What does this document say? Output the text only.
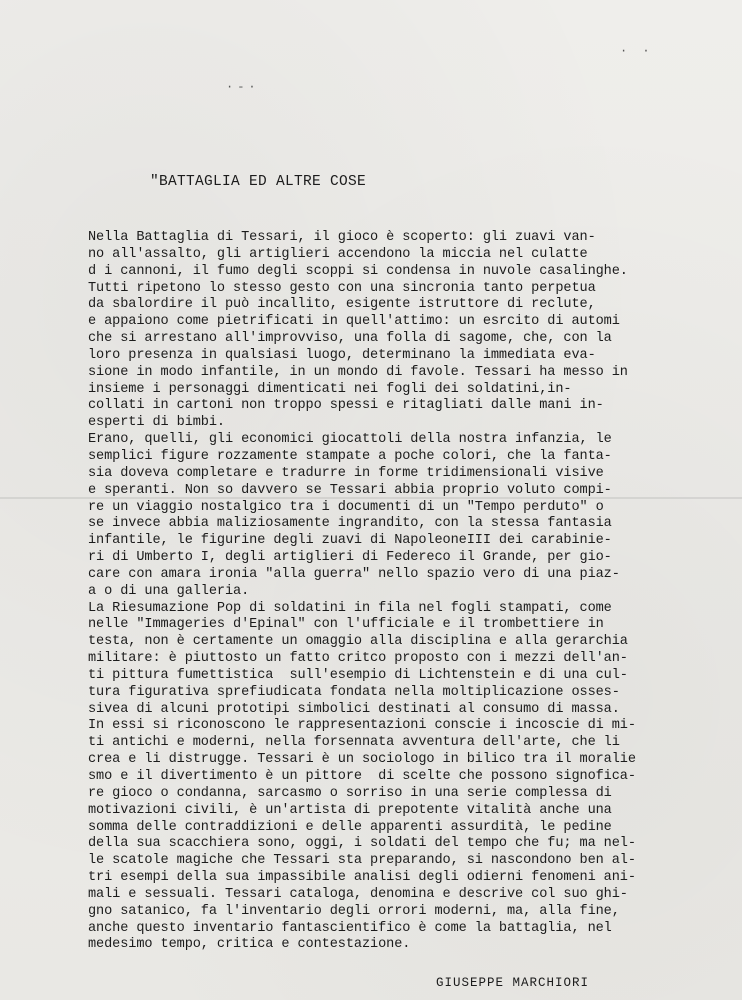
· ·
·-·
"BATTAGLIA ED ALTRE COSE
Nella Battaglia di Tessari, il gioco è scoperto: gli zuavi van-
no all'assalto, gli artiglieri accendono la miccia nel culatte
d i cannoni, il fumo degli scoppi si condensa in nuvole casalinghe.
Tutti ripetono lo stesso gesto con una sincronia tanto perpetua
da sbalordire il può incallito, esigente istruttore di reclute,
e appaiono come pietrificati in quell'attimo: un esrcito di automi
che si arrestano all'improvviso, una folla di sagome, che, con la
loro presenza in qualsiasi luogo, determinano la immediata eva-
sione in modo infantile, in un mondo di favole. Tessari ha messo in
insieme i personaggi dimenticati nei fogli dei soldatini,in-
collati in cartoni non troppo spessi e ritagliati dalle mani in-
esperti di bimbi.
Erano, quelli, gli economici giocattoli della nostra infanzia, le
semplici figure rozzamente stampate a poche colori, che la fanta-
sia doveva completare e tradurre in forme tridimensionali visive
e speranti. Non so davvero se Tessari abbia proprio voluto compi-
re un viaggio nostalgico tra i documenti di un "Tempo perduto" o
se invece abbia maliziosamente ingrandito, con la stessa fantasia
infantile, le figurine degli zuavi di NapoleoneIII dei carabinie-
ri di Umberto I, degli artiglieri di Federeco il Grande, per gio-
care con amara ironia "alla guerra" nello spazio vero di una piaz-
a o di una galleria.
La Riesumazione Pop di soldatini in fila nel fogli stampati, come
nelle "Immageries d'Epinal" con l'ufficiale e il trombettiere in
testa, non è certamente un omaggio alla disciplina e alla gerarchia
militare: è piuttosto un fatto critco proposto con i mezzi dell'an-
ti pittura fumettistica  sull'esempio di Lichtenstein e di una cul-
tura figurativa sprefiudicata fondata nella moltiplicazione osses-
sivea di alcuni prototipi simbolici destinati al consumo di massa.
In essi si riconoscono le rappresentazioni conscie i incoscie di mi-
ti antichi e moderni, nella forsennata avventura dell'arte, che li
crea e li distrugge. Tessari è un sociologo in bilico tra il moralie
smo e il divertimento è un pittore  di scelte che possono signofica-
re gioco o condanna, sarcasmo o sorriso in una serie complessa di
motivazioni civili, è un'artista di prepotente vitalità anche una
somma delle contraddizioni e delle apparenti assurdità, le pedine
della sua scacchiera sono, oggi, i soldati del tempo che fu; ma nel-
le scatole magiche che Tessari sta preparando, si nascondono ben al-
tri esempi della sua impassibile analisi degli odierni fenomeni ani-
mali e sessuali. Tessari cataloga, denomina e descrive col suo ghi-
gno satanico, fa l'inventario degli orrori moderni, ma, alla fine,
anche questo inventario fantascientifico è come la battaglia, nel
medesimo tempo, critica e contestazione.
GIUSEPPE MARCHIORI
